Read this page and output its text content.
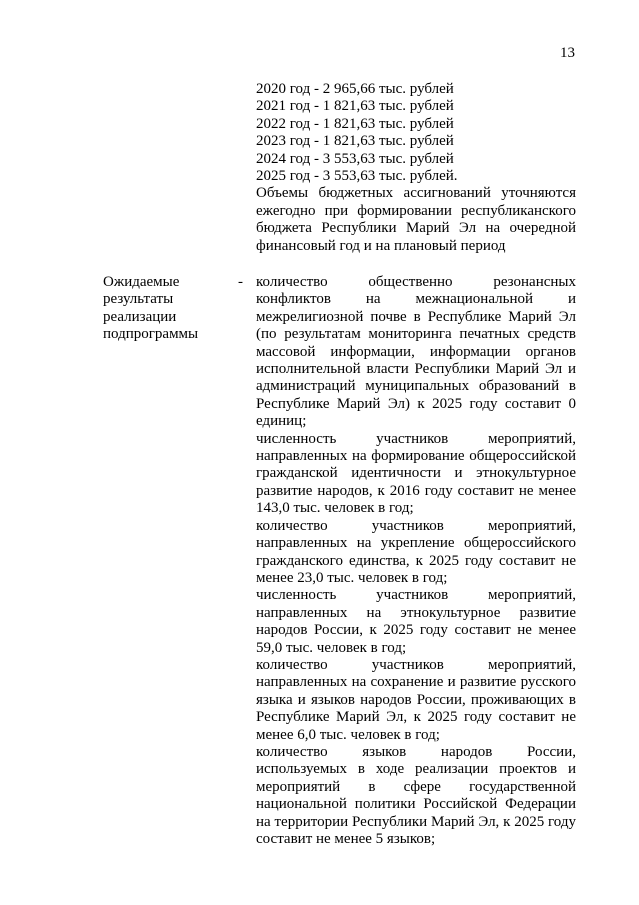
13
2020 год - 2 965,66 тыс. рублей
2021 год - 1 821,63 тыс. рублей
2022 год - 1 821,63 тыс. рублей
2023 год - 1 821,63 тыс. рублей
2024 год - 3 553,63 тыс. рублей
2025 год - 3 553,63 тыс. рублей.
Объемы бюджетных ассигнований уточняются ежегодно при формировании республиканского бюджета Республики Марий Эл на очередной финансовый год и на плановый период
Ожидаемые результаты реализации подпрограммы
- количество общественно резонансных конфликтов на межнациональной и межрелигиозной почве в Республике Марий Эл (по результатам мониторинга печатных средств массовой информации, информации органов исполнительной власти Республики Марий Эл и администраций муниципальных образований в Республике Марий Эл) к 2025 году составит 0 единиц;

численность участников мероприятий, направленных на формирование общероссийской гражданской идентичности и этнокультурное развитие народов, к 2016 году составит не менее 143,0 тыс. человек в год;

количество участников мероприятий, направленных на укрепление общероссийского гражданского единства, к 2025 году составит не менее 23,0 тыс. человек в год;

численность участников мероприятий, направленных на этнокультурное развитие народов России, к 2025 году составит не менее 59,0 тыс. человек в год;

количество участников мероприятий, направленных на сохранение и развитие русского языка и языков народов России, проживающих в Республике Марий Эл, к 2025 году составит не менее 6,0 тыс. человек в год;

количество языков народов России, используемых в ходе реализации проектов и мероприятий в сфере государственной национальной политики Российской Федерации на территории Республики Марий Эл, к 2025 году составит не менее 5 языков;
